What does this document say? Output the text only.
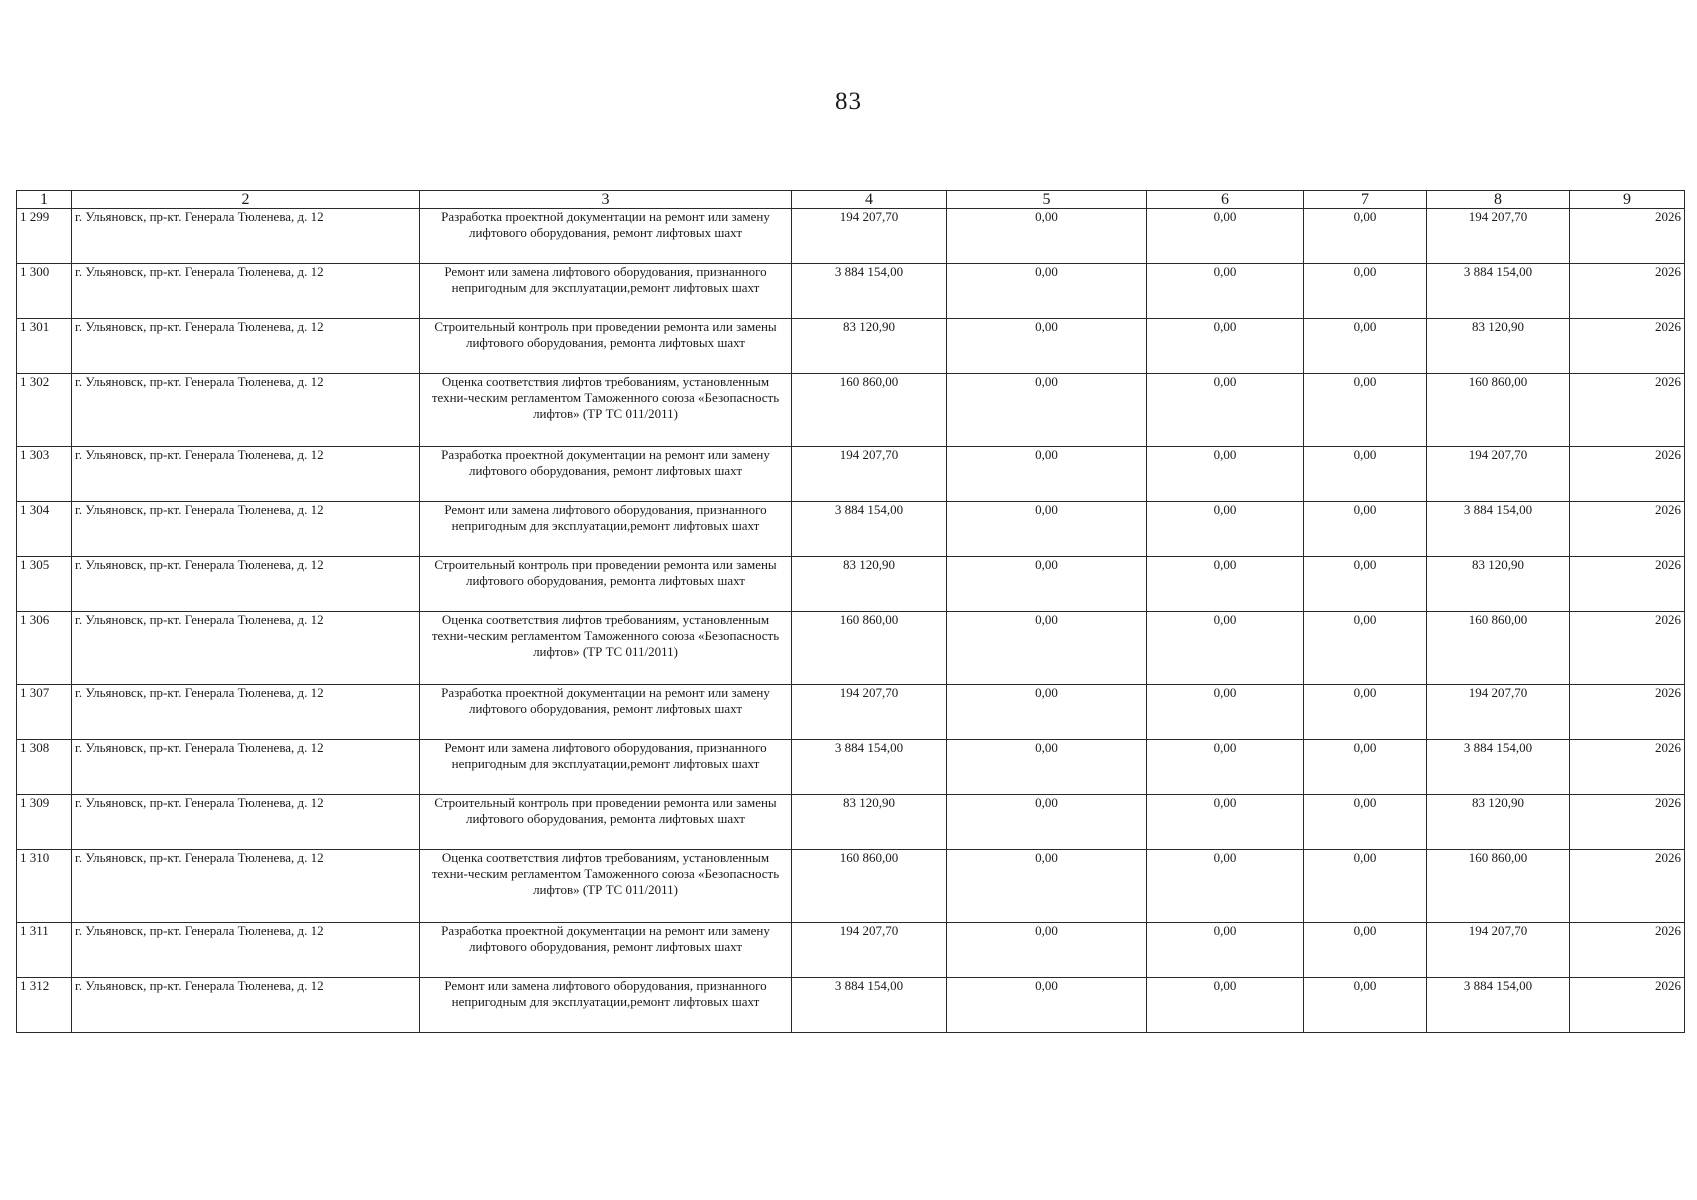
83
1	2	3	4	5	6	7	8	9
1 299	г. Ульяновск, пр-кт. Генерала Тюленева, д. 12	Разработка проектной документации на ремонт или замену лифтового оборудования, ремонт лифтовых шахт	194 207,70	0,00	0,00	0,00	194 207,70	2026
1 300	г. Ульяновск, пр-кт. Генерала Тюленева, д. 12	Ремонт или замена лифтового оборудования, признанного непригодным для эксплуатации,ремонт лифтовых шахт	3 884 154,00	0,00	0,00	0,00	3 884 154,00	2026
1 301	г. Ульяновск, пр-кт. Генерала Тюленева, д. 12	Строительный контроль при проведении ремонта или замены лифтового оборудования, ремонта лифтовых шахт	83 120,90	0,00	0,00	0,00	83 120,90	2026
1 302	г. Ульяновск, пр-кт. Генерала Тюленева, д. 12	Оценка соответствия лифтов требованиям, установленным техни-ческим регламентом Таможенного союза «Безопасность лифтов» (ТР ТС 011/2011)	160 860,00	0,00	0,00	0,00	160 860,00	2026
1 303	г. Ульяновск, пр-кт. Генерала Тюленева, д. 12	Разработка проектной документации на ремонт или замену лифтового оборудования, ремонт лифтовых шахт	194 207,70	0,00	0,00	0,00	194 207,70	2026
1 304	г. Ульяновск, пр-кт. Генерала Тюленева, д. 12	Ремонт или замена лифтового оборудования, признанного непригодным для эксплуатации,ремонт лифтовых шахт	3 884 154,00	0,00	0,00	0,00	3 884 154,00	2026
1 305	г. Ульяновск, пр-кт. Генерала Тюленева, д. 12	Строительный контроль при проведении ремонта или замены лифтового оборудования, ремонта лифтовых шахт	83 120,90	0,00	0,00	0,00	83 120,90	2026
1 306	г. Ульяновск, пр-кт. Генерала Тюленева, д. 12	Оценка соответствия лифтов требованиям, установленным техни-ческим регламентом Таможенного союза «Безопасность лифтов» (ТР ТС 011/2011)	160 860,00	0,00	0,00	0,00	160 860,00	2026
1 307	г. Ульяновск, пр-кт. Генерала Тюленева, д. 12	Разработка проектной документации на ремонт или замену лифтового оборудования, ремонт лифтовых шахт	194 207,70	0,00	0,00	0,00	194 207,70	2026
1 308	г. Ульяновск, пр-кт. Генерала Тюленева, д. 12	Ремонт или замена лифтового оборудования, признанного непригодным для эксплуатации,ремонт лифтовых шахт	3 884 154,00	0,00	0,00	0,00	3 884 154,00	2026
1 309	г. Ульяновск, пр-кт. Генерала Тюленева, д. 12	Строительный контроль при проведении ремонта или замены лифтового оборудования, ремонта лифтовых шахт	83 120,90	0,00	0,00	0,00	83 120,90	2026
1 310	г. Ульяновск, пр-кт. Генерала Тюленева, д. 12	Оценка соответствия лифтов требованиям, установленным техни-ческим регламентом Таможенного союза «Безопасность лифтов» (ТР ТС 011/2011)	160 860,00	0,00	0,00	0,00	160 860,00	2026
1 311	г. Ульяновск, пр-кт. Генерала Тюленева, д. 12	Разработка проектной документации на ремонт или замену лифтового оборудования, ремонт лифтовых шахт	194 207,70	0,00	0,00	0,00	194 207,70	2026
1 312	г. Ульяновск, пр-кт. Генерала Тюленева, д. 12	Ремонт или замена лифтового оборудования, признанного непригодным для эксплуатации,ремонт лифтовых шахт	3 884 154,00	0,00	0,00	0,00	3 884 154,00	2026
